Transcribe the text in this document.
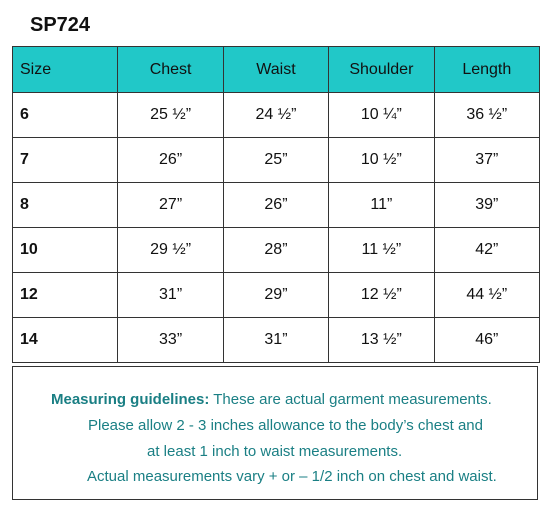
SP724
Size	Chest	Waist	Shoulder	Length
6	25 ½”	24 ½”	10 ¼”	36 ½”
7	26”	25”	10 ½”	37”
8	27”	26”	11”	39”
10	29 ½”	28”	11 ½”	42”
12	31”	29”	12 ½”	44 ½”
14	33”	31”	13 ½”	46”
Measuring guidelines: These are actual garment measurements.
Please allow 2 - 3 inches allowance to the body’s chest and
at least 1 inch to waist measurements.
Actual measurements vary + or – 1/2 inch on chest and waist.
